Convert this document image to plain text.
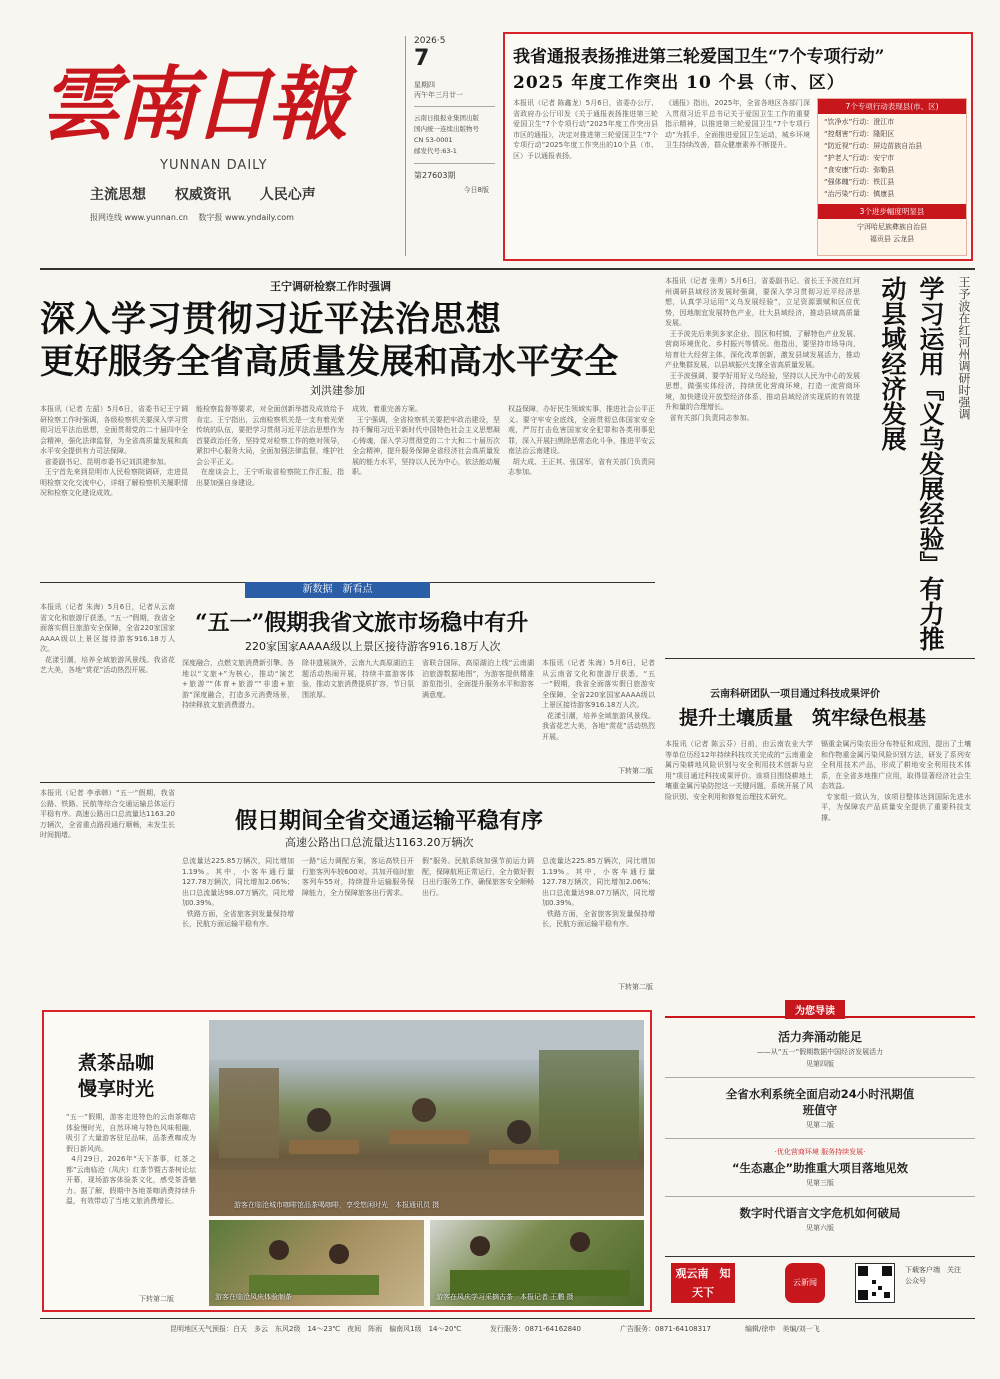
雲南日報
YUNNAN DAILY
主流思想　 权威资讯　 人民心声
报网连线 www.yunnan.cn　 数字报 www.yndaily.com
2026·5
7
星期四
丙午年三月廿一
云南日报报业集团出版
国内统一连续出版物号
CN 53-0001
邮发代号:63-1
第27603期
今日8版
我省通报表扬推进第三轮爱国卫生“7个专项行动”
2025 年度工作突出 10 个县（市、区）
本报讯（记者 陈鑫龙）5月6日，省委办公厅、省政府办公厅印发《关于通报表扬推进第三轮爱国卫生“7个专项行动”2025年度工作突出县市区的通报》，决定对推进第三轮爱国卫生“7个专项行动”2025年度工作突出的10个县（市、区）予以通报表扬。
《通报》指出，2025年，全省各地区各部门深入贯彻习近平总书记关于爱国卫生工作的重要指示精神，以推进第三轮爱国卫生“7个专项行动”为抓手，全面推进爱国卫生运动，城乡环境卫生持续改善，群众健康素养不断提升。
7个专项行动表现县(市、区)
“饮净水”行动：澄江市
“控烟害”行动：隆阳区
“防近视”行动：屏边苗族自治县
“护老人”行动：安宁市
“食安康”行动：弥勒县
“强体魄”行动：铁江县
“治污染”行动：镇康县
3个进步幅度明显县
宁洱哈尼族彝族自治县
福贡县 云龙县
王宁调研检察工作时强调
深入学习贯彻习近平法治思想
更好服务全省高质量发展和高水平安全
刘洪建参加
本报讯（记者 左韶）5月6日，省委书记王宁调研检察工作时强调，各级检察机关要深入学习贯彻习近平法治思想，全面贯彻党的二十届四中全会精神，强化法律监督，为全省高质量发展和高水平安全提供有力司法保障。
省委副书记、昆明市委书记刘洪建参加。
王宁首先来到昆明市人民检察院调研，走进昆明检察文化交流中心，详细了解检察机关履职情况和检察文化建设成效。
能检察监督等要求，对全面创新举措及成效给予肯定。王宁指出，云南检察机关是一支有着光荣传统的队伍，要把学习贯彻习近平法治思想作为首要政治任务，坚持党对检察工作的绝对领导，紧扣中心服务大局，全面加强法律监督，维护社会公平正义。
在座谈会上，王宁听取省检察院工作汇报，指出要加强自身建设。
成效，着重完善方案。
王宁强调，全省检察机关要把牢政治建设，坚持不懈用习近平新时代中国特色社会主义思想凝心铸魂，深入学习贯彻党的二十大和二十届历次全会精神，提升服务保障全省经济社会高质量发展的能力水平，坚持以人民为中心，依法能动履职。
权益保障，办好民生领域实事，推进社会公平正义。要守牢安全底线，全面贯彻总体国家安全观，严厉打击危害国家安全犯罪和各类刑事犯罪，深入开展扫黑除恶常态化斗争，推进平安云南法治云南建设。
胡大成、王正其、张国军，省有关部门负责同志参加。
本报讯（记者 张勇）5月6日，省委副书记、省长王予波在红河州调研县域经济发展时强调，要深入学习贯彻习近平经济思想，认真学习运用“义乌发展经验”，立足资源禀赋和区位优势，因地制宜发展特色产业，壮大县域经济，推动县域高质量发展。
王予波先后来到多家企业、园区和村镇，了解特色产业发展、营商环境优化、乡村振兴等情况。他指出，要坚持市场导向，培育壮大经营主体，深化改革创新，激发县域发展活力，推动产业集群发展，以县域振兴支撑全省高质量发展。
王予波强调，要学好用好义乌经验，坚持以人民为中心的发展思想，做强实体经济，持续优化营商环境，打造一流营商环境，加快建设开放型经济体系，推动县域经济实现质的有效提升和量的合理增长。
省有关部门负责同志参加。	学习运用『义乌发展经验』有力推动县域经济发展	王予波在红河州调研时强调
云南科研团队一项目通过科技成果评价
提升土壤质量　筑牢绿色根基
本报讯（记者 陈云芬）日前，由云南农业大学等单位历经12年持续科技攻关完成的“云南重金属污染耕地风险识别与安全利用技术创新与应用”项目通过科技成果评价。该项目围绕耕地土壤重金属污染防控这一关键问题，系统开展了风险识别、安全利用和修复治理技术研究。
镉重金属污染农田分布特征和成因，提出了土壤和作物重金属污染风险识别方法，研发了系列安全利用技术产品，形成了耕地安全利用技术体系，在全省多地推广应用，取得显著经济社会生态效益。
专家组一致认为，该项目整体达到国际先进水平，为保障农产品质量安全提供了重要科技支撑。
新数据　新看点
本报讯（记者 朱海）5月6日，记者从云南省文化和旅游厅获悉，“五一”假期，我省全面落实假日旅游安全保障，全省220家国家AAAA级以上景区接待游客916.18万人次。
花漾引潮，培养全域旅游风景线。我省花艺大美，各地“赏花”活动热烈开展。
“五一”假期我省文旅市场稳中有升
220家国家AAAA级以上景区接待游客916.18万人次
深度融合，点燃文旅消费新引擎。各地以“文旅+”为核心，推动“演艺+旅游”“体育+旅游”“非遗+旅游”深度融合，打造多元消费场景，持续释放文旅消费潜力。
除非遗展演外，云南九大高原湖泊主题活动热闹开展，持续丰富游客体验，推动文旅消费提质扩容，节日氛围浓厚。
省联合国际，高原湖泊上线“云南湖泊旅游数据地图”，为游客提供精准游览指引，全面提升服务水平和游客满意度。
本报讯（记者 朱海）5月6日，记者从云南省文化和旅游厅获悉，“五一”假期，我省全面落实假日旅游安全保障，全省220家国家AAAA级以上景区接待游客916.18万人次。
花漾引潮，培养全域旅游风景线。我省花艺大美，各地“赏花”活动热烈开展。
下转第二版
本报讯（记者 李承韩）“五一”假期，我省公路、铁路、民航等综合交通运输总体运行平稳有序。高速公路出口总流量达1163.20万辆次，全省重点路段通行顺畅，未发生长时间拥堵。
假日期间全省交通运输平稳有序
高速公路出口总流量达1163.20万辆次
总流量达225.85万辆次，同比增加1.19%。其中，小客车通行量127.78万辆次，同比增加2.06%；出口总流量达98.07万辆次，同比增加0.39%。
铁路方面，全省旅客到发量保持增长，民航方面运输平稳有序。
一路“运力调配方案，客运高铁日开行旅客列车较600对。共加开临时旅客列车55对，持续提升运输服务保障能力，全力保障旅客出行需求。
假”服务。民航系统加强节前运力调配，保障航班正常运行，全力做好假日出行服务工作，确保旅客安全顺畅出行。
总流量达225.85万辆次，同比增加1.19%。其中，小客车通行量127.78万辆次，同比增加2.06%；出口总流量达98.07万辆次，同比增加0.39%。
铁路方面，全省旅客到发量保持增长，民航方面运输平稳有序。
下转第二版
煮茶品咖
慢享时光
“五一”假期，游客走进特色的云南茶咖店体验慢时光，自然环境与特色风味相融，吸引了大量游客驻足品味，品茶煮咖成为假日新风尚。
4月29日，2026年“天下茶事，红茶之都”云南临沧（凤庆）红茶节暨古茶树论坛开幕，现场游客体验茶文化，感受茶香魅力。据了解，假期中各地茶咖消费持续升温，有效带动了当地文旅消费增长。
下转第二版
游客在临沧城市咖啡馆品茶喝咖啡，享受悠闲时光　本报通讯员 摄
游客在临沧凤庆体验制茶	游客在凤庆学习采摘古茶　本报记者 王鹏 摄
为您导读
活力奔涌动能足
——从“五一”假期数据中国经济发展活力
见第四版
全省水利系统全面启动24小时汛期值班值守
见第二版
·优化营商环境 服务持续发展·
“生态惠企”助推重大项目落地见效
见第三版
数字时代语言文字危机如何破局
见第六版
观云南　知天下
云新闻
下载客户端　关注公众号
昆明地区天气预报：白天　多云　东风2级　14～23℃　夜间　阵雨　偏南风1级　14～20℃	发行服务：0871-64162840	广告服务：0871-64108317	编辑/徐申　美编/刘一飞
